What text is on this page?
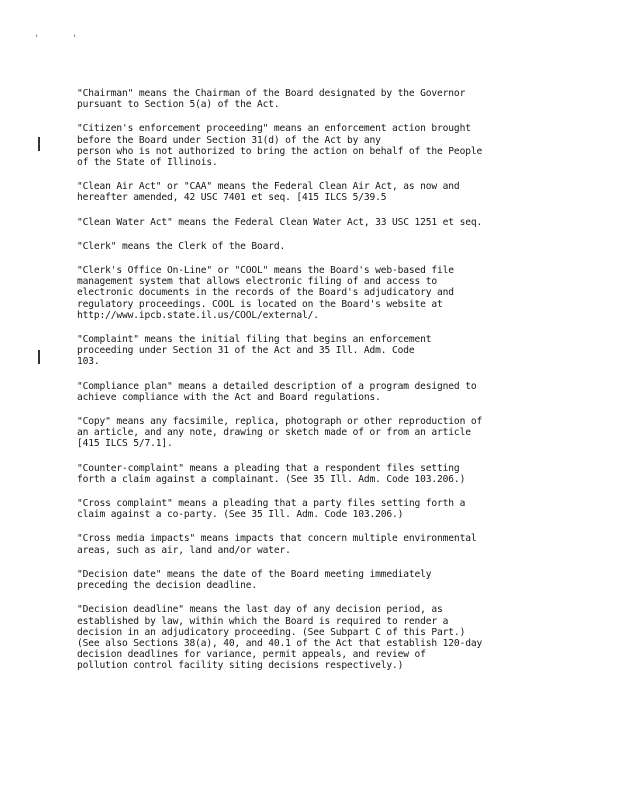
'	'

"Chairman" means the Chairman of the Board designated by the Governor
pursuant to Section 5(a) of the Act.

"Citizen's enforcement proceeding" means an enforcement action brought
before the Board under Section 31(d) of the Act by any
person who is not authorized to bring the action on behalf of the People
of the State of Illinois.

"Clean Air Act" or "CAA" means the Federal Clean Air Act, as now and
hereafter amended, 42 USC 7401 et seq. [415 ILCS 5/39.5

"Clean Water Act" means the Federal Clean Water Act, 33 USC 1251 et seq.

"Clerk" means the Clerk of the Board.

"Clerk's Office On-Line" or "COOL" means the Board's web-based file
management system that allows electronic filing of and access to
electronic documents in the records of the Board's adjudicatory and
regulatory proceedings. COOL is located on the Board's website at
http://www.ipcb.state.il.us/COOL/external/.

"Complaint" means the initial filing that begins an enforcement
proceeding under Section 31 of the Act and 35 Ill. Adm. Code
103.

"Compliance plan" means a detailed description of a program designed to
achieve compliance with the Act and Board regulations.

"Copy" means any facsimile, replica, photograph or other reproduction of
an article, and any note, drawing or sketch made of or from an article
[415 ILCS 5/7.1].

"Counter-complaint" means a pleading that a respondent files setting
forth a claim against a complainant. (See 35 Ill. Adm. Code 103.206.)

"Cross complaint" means a pleading that a party files setting forth a
claim against a co-party. (See 35 Ill. Adm. Code 103.206.)

"Cross media impacts" means impacts that concern multiple environmental
areas, such as air, land and/or water.

"Decision date" means the date of the Board meeting immediately
preceding the decision deadline.

"Decision deadline" means the last day of any decision period, as
established by law, within which the Board is required to render a
decision in an adjudicatory proceeding. (See Subpart C of this Part.)
(See also Sections 38(a), 40, and 40.1 of the Act that establish 120-day
decision deadlines for variance, permit appeals, and review of
pollution control facility siting decisions respectively.)
